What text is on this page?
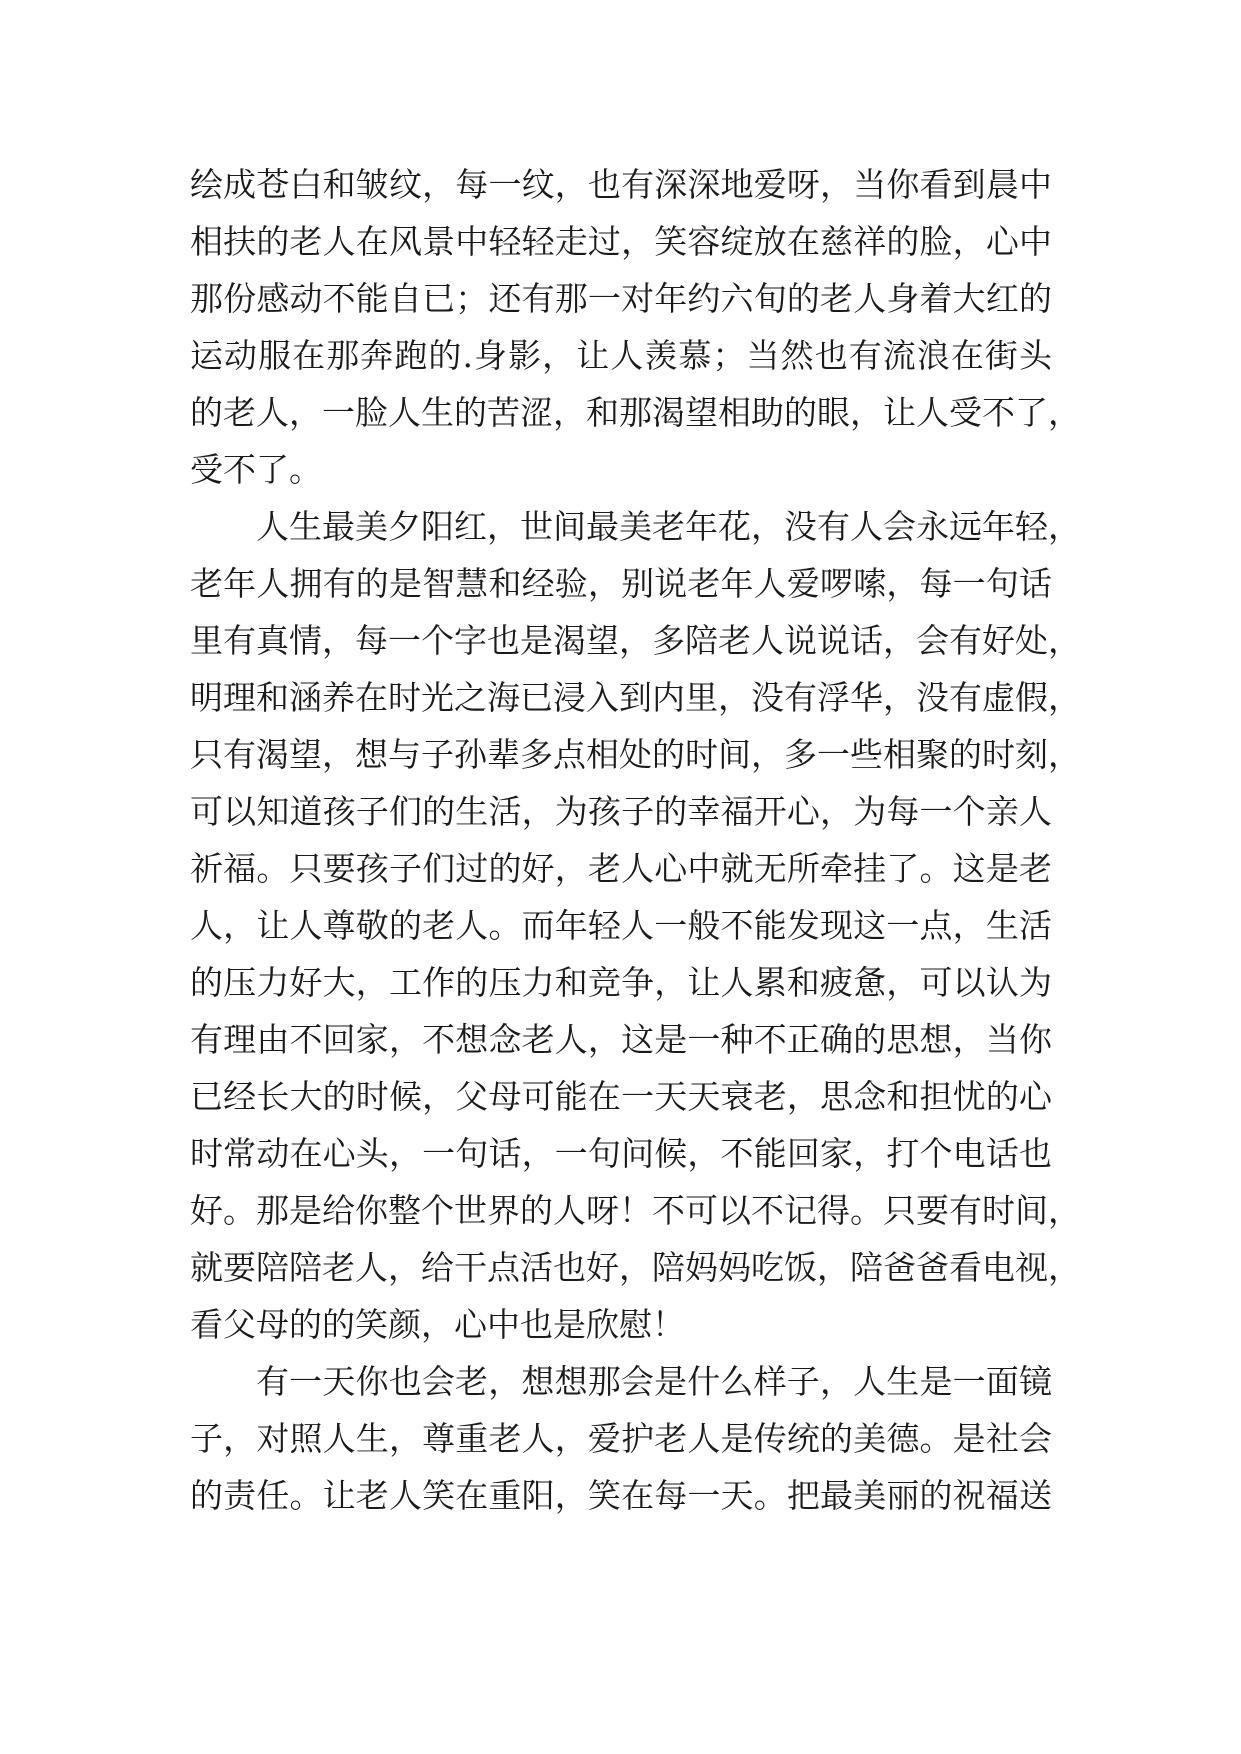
绘成苍白和皱纹，每一纹，也有深深地爱呀，当你看到晨中
相扶的老人在风景中轻轻走过，笑容绽放在慈祥的脸，心中
那份感动不能自已；还有那一对年约六旬的老人身着大红的
运动服在那奔跑的.身影，让人羡慕；当然也有流浪在街头
的老人，一脸人生的苦涩，和那渴望相助的眼，让人受不了，
受不了。
人生最美夕阳红，世间最美老年花，没有人会永远年轻，
老年人拥有的是智慧和经验，别说老年人爱啰嗦，每一句话
里有真情，每一个字也是渴望，多陪老人说说话，会有好处，
明理和涵养在时光之海已浸入到内里，没有浮华，没有虚假，
只有渴望，想与子孙辈多点相处的时间，多一些相聚的时刻，
可以知道孩子们的生活，为孩子的幸福开心，为每一个亲人
祈福。只要孩子们过的好，老人心中就无所牵挂了。这是老
人，让人尊敬的老人。而年轻人一般不能发现这一点，生活
的压力好大，工作的压力和竞争，让人累和疲惫，可以认为
有理由不回家，不想念老人，这是一种不正确的思想，当你
已经长大的时候，父母可能在一天天衰老，思念和担忧的心
时常动在心头，一句话，一句问候，不能回家，打个电话也
好。那是给你整个世界的人呀！不可以不记得。只要有时间，
就要陪陪老人，给干点活也好，陪妈妈吃饭，陪爸爸看电视，
看父母的的笑颜，心中也是欣慰！
有一天你也会老，想想那会是什么样子，人生是一面镜
子，对照人生，尊重老人，爱护老人是传统的美德。是社会
的责任。让老人笑在重阳，笑在每一天。把最美丽的祝福送
